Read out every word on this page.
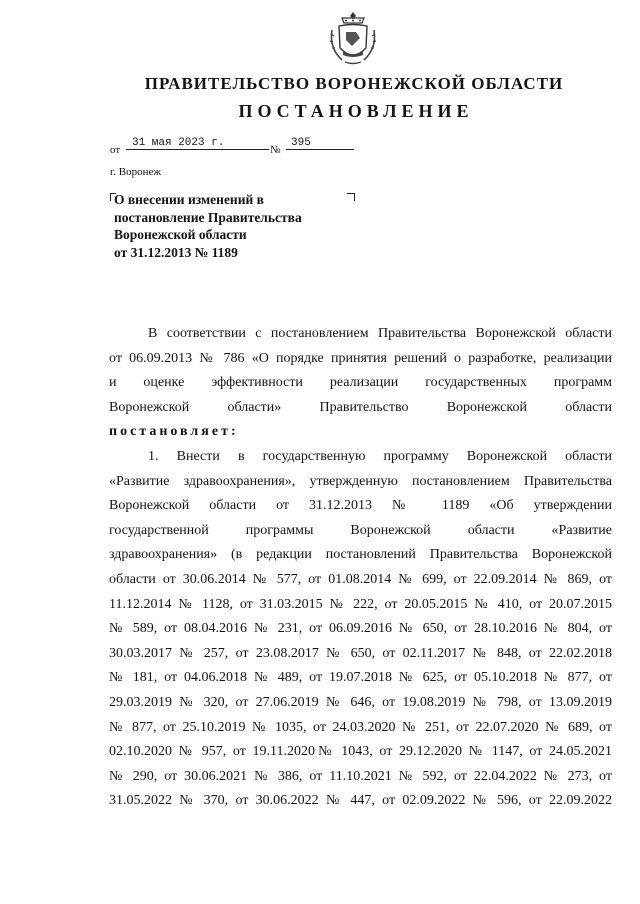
ПРАВИТЕЛЬСТВО ВОРОНЕЖСКОЙ ОБЛАСТИ
ПОСТАНОВЛЕНИЕ
от
31 мая 2023 г.
№
395
г. Воронеж
О внесении изменений в
постановление Правительства
Воронежской области
от 31.12.2013 № 1189

В соответствии с постановлением Правительства Воронежской области

от 06.09.2013 № 786 «О порядке принятия решений о разработке, реализации

и оценке эффективности реализации государственных программ

Воронежской области» Правительство Воронежской области

постановляет:

1. Внести в государственную программу Воронежской области

«Развитие здравоохранения», утвержденную постановлением Правительства

Воронежской области от 31.12.2013 № 1189 «Об утверждении

государственной программы Воронежской области «Развитие

здравоохранения» (в редакции постановлений Правительства Воронежской

области от 30.06.2014 № 577, от 01.08.2014 № 699, от 22.09.2014 № 869, от

11.12.2014 № 1128, от 31.03.2015 № 222, от 20.05.2015 № 410, от 20.07.2015

№ 589, от 08.04.2016 № 231, от 06.09.2016 № 650, от 28.10.2016 № 804, от

30.03.2017 № 257, от 23.08.2017 № 650, от 02.11.2017 № 848, от 22.02.2018

№ 181, от 04.06.2018 № 489, от 19.07.2018 № 625, от 05.10.2018 № 877, от

29.03.2019 № 320, от 27.06.2019 № 646, от 19.08.2019 № 798, от 13.09.2019

№ 877, от 25.10.2019 № 1035, от 24.03.2020 № 251, от 22.07.2020 № 689, от

02.10.2020 № 957, от 19.11.2020№ 1043, от 29.12.2020 № 1147, от 24.05.2021

№ 290, от 30.06.2021 № 386, от 11.10.2021 № 592, от 22.04.2022 № 273, от

31.05.2022 № 370, от 30.06.2022 № 447, от 02.09.2022 № 596, от 22.09.2022
